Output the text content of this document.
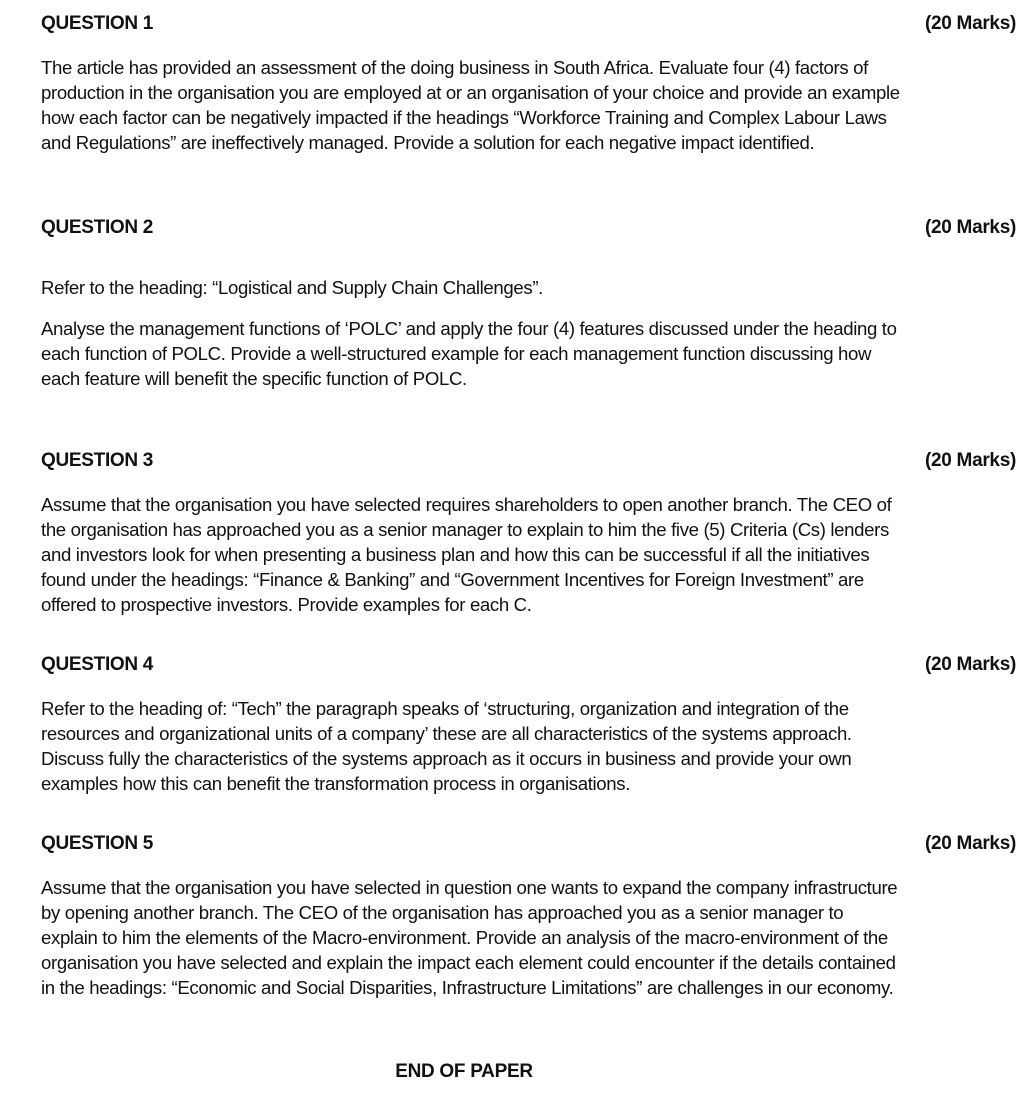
QUESTION 1	(20 Marks)

The article has provided an assessment of the doing business in South Africa. Evaluate four (4) factors of production in the organisation you are employed at or an organisation of your choice and provide an example how each factor can be negatively impacted if the headings “Workforce Training and Complex Labour Laws and Regulations” are ineffectively managed. Provide a solution for each negative impact identified.

QUESTION 2	(20 Marks)

Refer to the heading: “Logistical and Supply Chain Challenges”.

Analyse the management functions of ‘POLC’ and apply the four (4) features discussed under the heading to each function of POLC. Provide a well-structured example for each management function discussing how each feature will benefit the specific function of POLC.

QUESTION 3	(20 Marks)

Assume that the organisation you have selected requires shareholders to open another branch. The CEO of the organisation has approached you as a senior manager to explain to him the five (5) Criteria (Cs) lenders and investors look for when presenting a business plan and how this can be successful if all the initiatives found under the headings: “Finance & Banking” and “Government Incentives for Foreign Investment” are offered to prospective investors. Provide examples for each C.

QUESTION 4	(20 Marks)

Refer to the heading of: “Tech” the paragraph speaks of ‘structuring, organization and integration of the resources and organizational units of a company’ these are all characteristics of the systems approach. Discuss fully the characteristics of the systems approach as it occurs in business and provide your own examples how this can benefit the transformation process in organisations.

QUESTION 5	(20 Marks)

Assume that the organisation you have selected in question one wants to expand the company infrastructure by opening another branch. The CEO of the organisation has approached you as a senior manager to explain to him the elements of the Macro-environment. Provide an analysis of the macro-environment of the organisation you have selected and explain the impact each element could encounter if the details contained in the headings: “Economic and Social Disparities, Infrastructure Limitations” are challenges in our economy.

END OF PAPER
